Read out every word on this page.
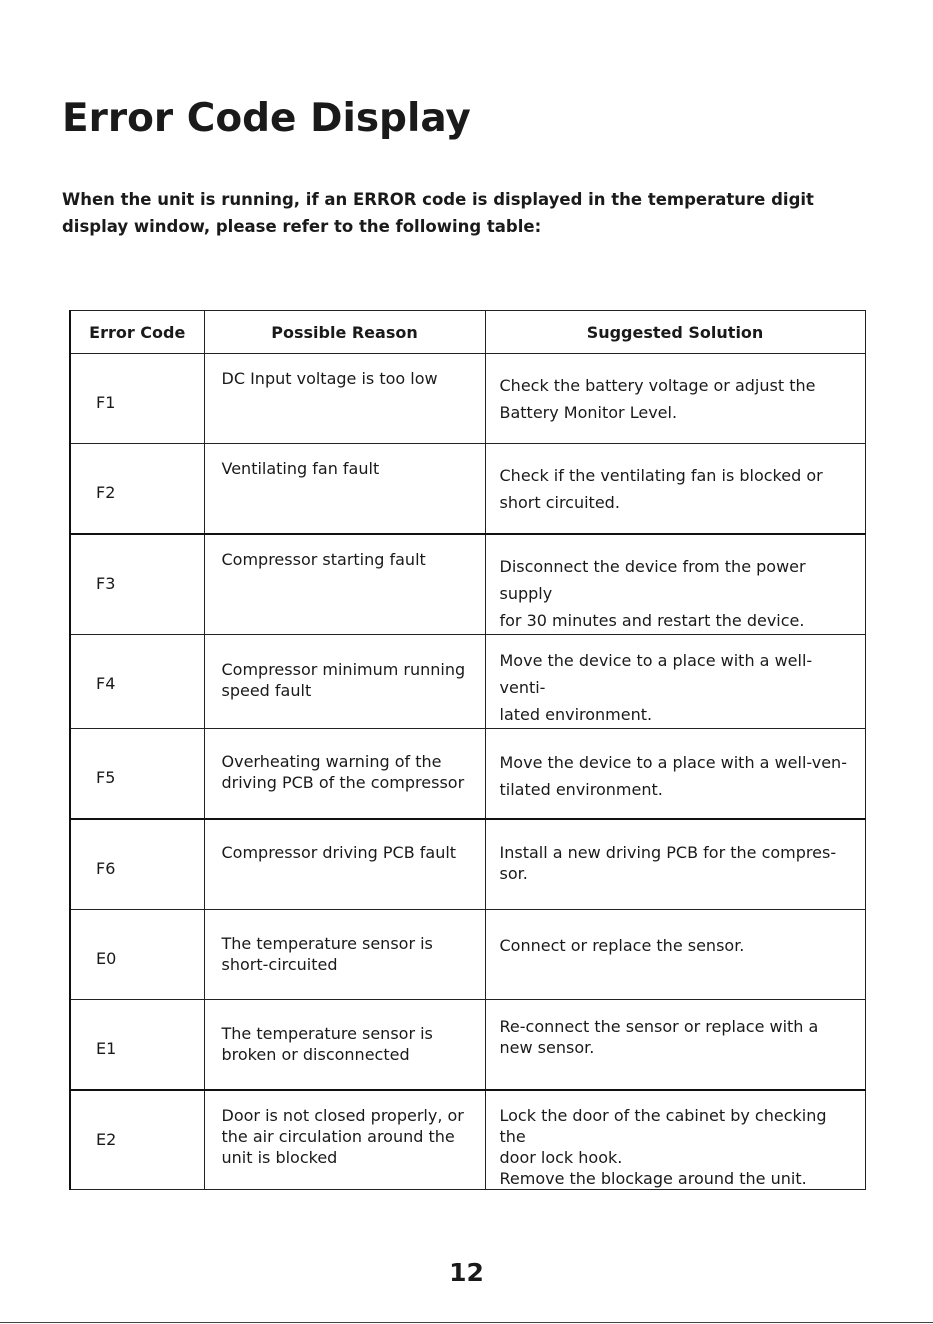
Error Code Display

When the unit is running, if an ERROR code is displayed in the temperature digit display window, please refer to the following table:

Error Code	Possible Reason	Suggested Solution

F1	DC Input voltage is too low	Check the battery voltage or adjust the
Battery Monitor Level.

F2	Ventilating fan fault	Check if the ventilating fan is blocked or
short circuited.

F3	Compressor starting fault	Disconnect the device from the power supply
for 30 minutes and restart the device.

F4	Compressor minimum running
speed fault	Move the device to a place with a well-venti-
lated environment.

F5	Overheating warning of the
driving PCB of the compressor	Move the device to a place with a well-ven-
tilated environment.

F6	Compressor driving PCB fault	Install a new driving PCB for the compres-
sor.

E0	The temperature sensor is
short-circuited	Connect or replace the sensor.

E1	The temperature sensor is
broken or disconnected	Re-connect the sensor or replace with a
new sensor.

E2	Door is not closed properly, or
the air circulation around the
unit is blocked	Lock the door of the cabinet by checking the
door lock hook.
Remove the blockage around the unit.
12
